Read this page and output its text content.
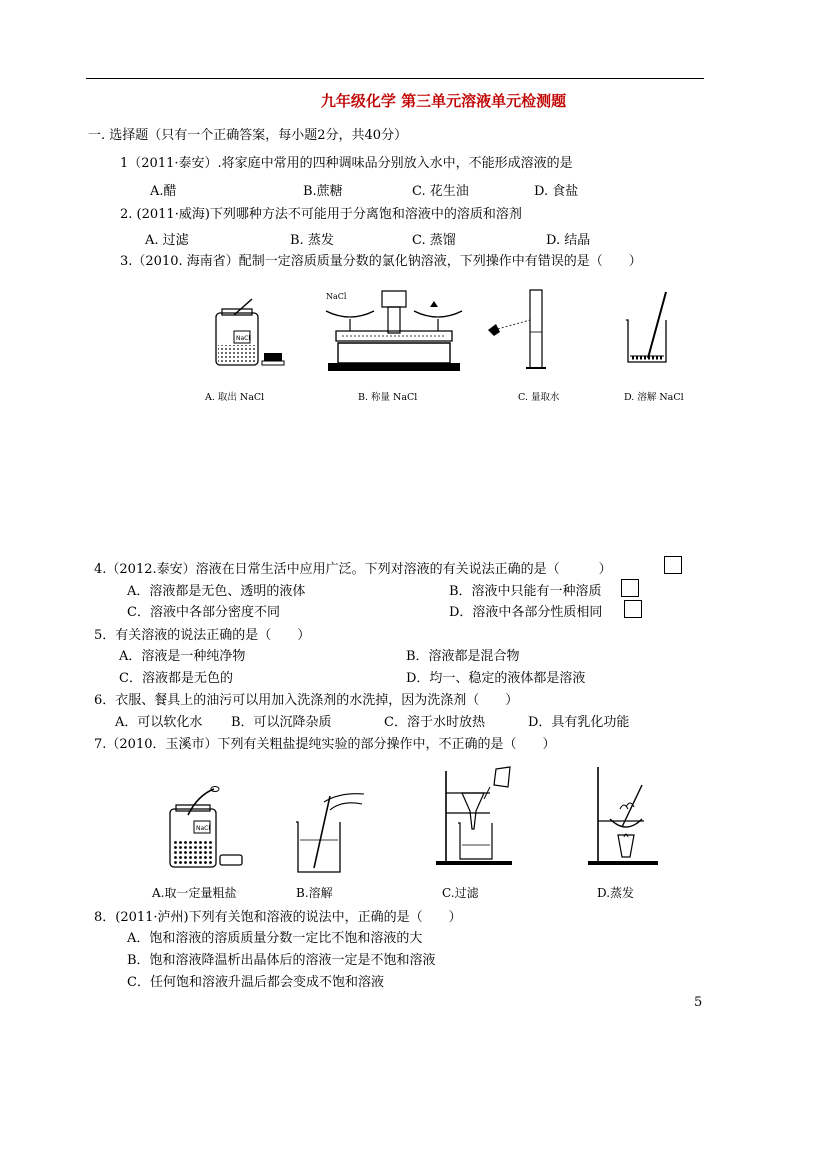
九年级化学 第三单元溶液单元检测题
一. 选择题（只有一个正确答案，每小题2分，共40分）
1（2011·泰安）.将家庭中常用的四种调味品分别放入水中，不能形成溶液的是
A.醋	B.蔗糖	C. 花生油	D. 食盐
2. (2011·威海)下列哪种方法不可能用于分离饱和溶液中的溶质和溶剂
A. 过滤	B. 蒸发	C. 蒸馏	D. 结晶
3.（2010. 海南省）配制一定溶质质量分数的氯化钠溶液，下列操作中有错误的是（　　）
NaCl
NaCl
A. 取出 NaCl	B. 称量 NaCl	C. 量取水	D. 溶解 NaCl
4.（2012.泰安）溶液在日常生活中应用广泛。下列对溶液的有关说法正确的是（　　　）
A．溶液都是无色、透明的液体	B．溶液中只能有一种溶质
C．溶液中各部分密度不同	D．溶液中各部分性质相同
5．有关溶液的说法正确的是（　　）
A．溶液是一种纯净物	B．溶液都是混合物
C．溶液都是无色的	D．均一、稳定的液体都是溶液
6．衣服、餐具上的油污可以用加入洗涤剂的水洗掉，因为洗涤剂（　　）
A．可以软化水 B．可以沉降杂质	C．溶于水时放热	D．具有乳化功能
7.（2010．玉溪市）下列有关粗盐提纯实验的部分操作中，不正确的是（　　）
NaCl
A.取一定量粗盐	B.溶解	C.过滤	D.蒸发
8．(2011·泸州)下列有关饱和溶液的说法中，正确的是（　　）
A．饱和溶液的溶质质量分数一定比不饱和溶液的大
B．饱和溶液降温析出晶体后的溶液一定是不饱和溶液
C．任何饱和溶液升温后都会变成不饱和溶液
5
